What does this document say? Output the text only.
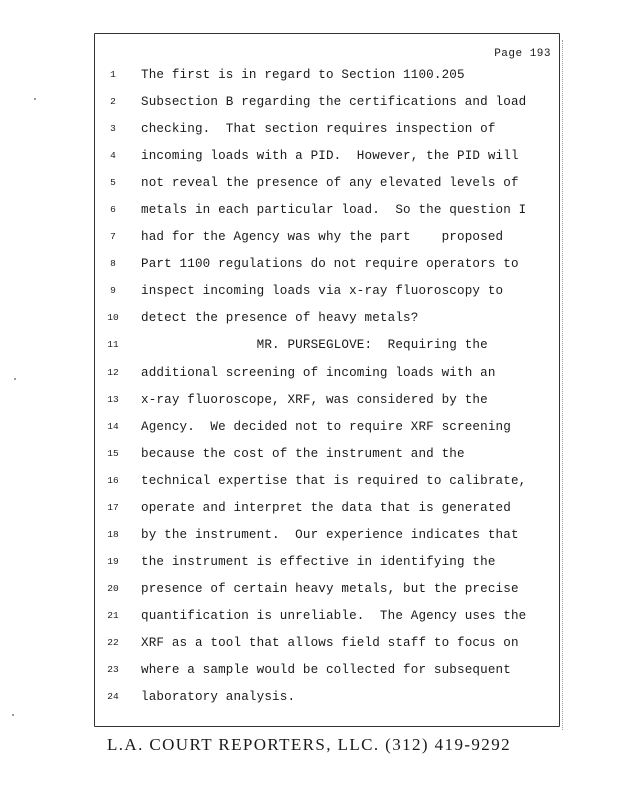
Page 193
1
2
3
4
5
6
7
8
9
10
11
12
13
14
15
16
17
18
19
20
21
22
23
24
The first is in regard to Section 1100.205
Subsection B regarding the certifications and load
checking.  That section requires inspection of
incoming loads with a PID.  However, the PID will
not reveal the presence of any elevated levels of
metals in each particular load.  So the question I
had for the Agency was why the part    proposed
Part 1100 regulations do not require operators to
inspect incoming loads via x-ray fluoroscopy to
detect the presence of heavy metals?
MR. PURSEGLOVE:  Requiring the
additional screening of incoming loads with an
x-ray fluoroscope, XRF, was considered by the
Agency.  We decided not to require XRF screening
because the cost of the instrument and the
technical expertise that is required to calibrate,
operate and interpret the data that is generated
by the instrument.  Our experience indicates that
the instrument is effective in identifying the
presence of certain heavy metals, but the precise
quantification is unreliable.  The Agency uses the
XRF as a tool that allows field staff to focus on
where a sample would be collected for subsequent
laboratory analysis.
L.A. COURT REPORTERS, LLC. (312) 419-9292
